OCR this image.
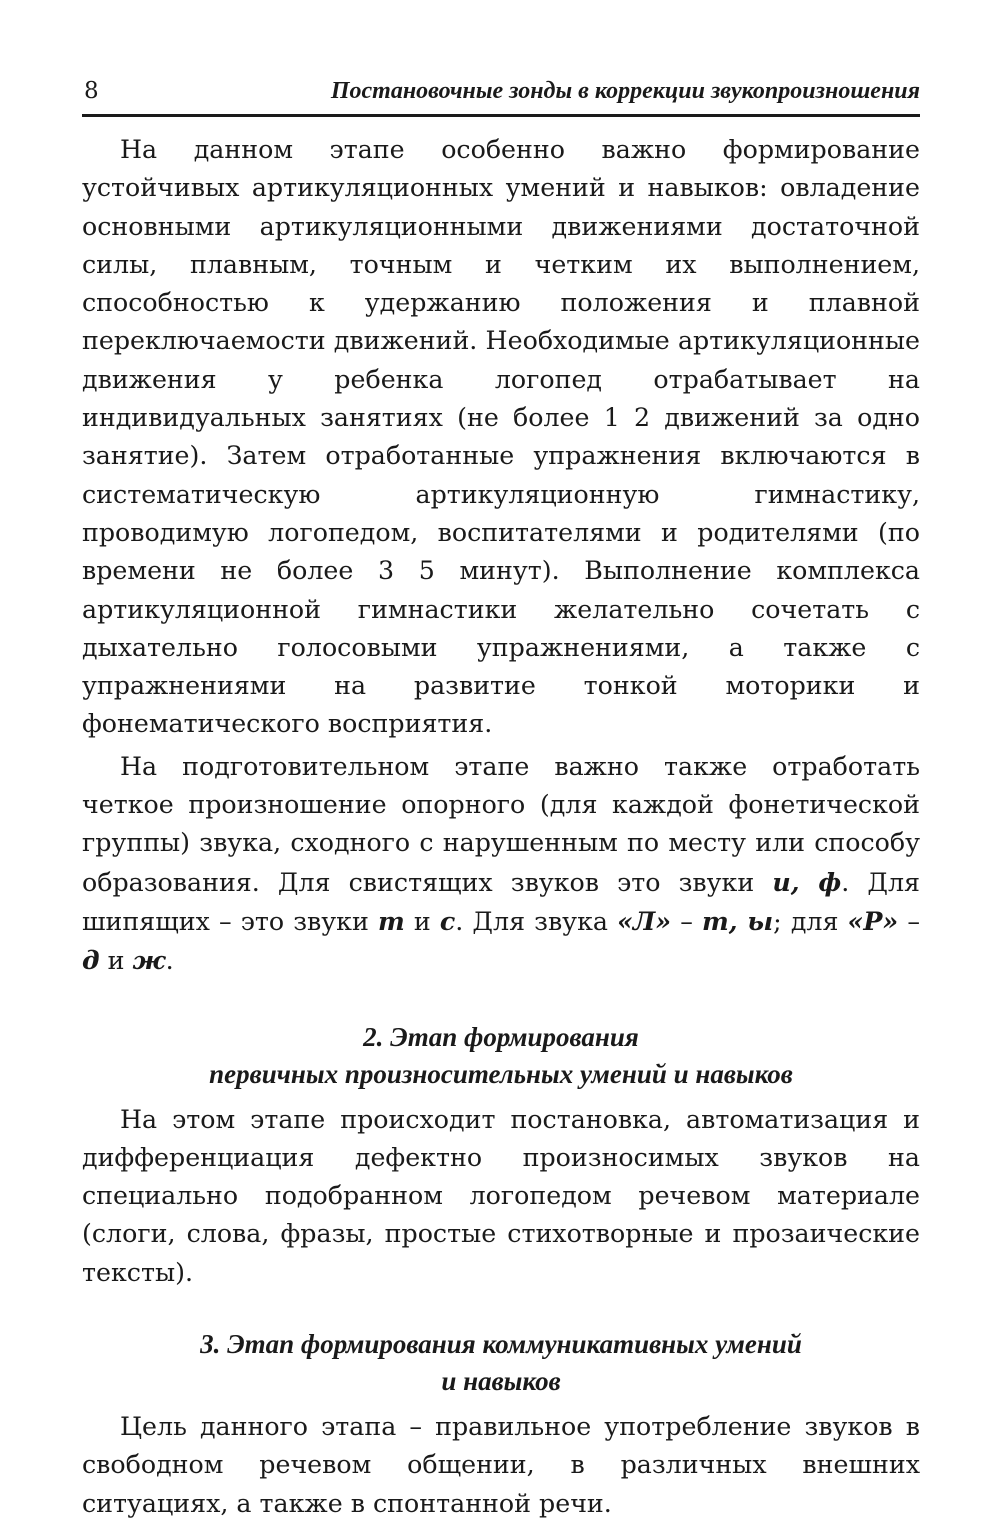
8	Постановочные зонды в коррекции звукопроизношения

На данном этапе особенно важно формирование устойчивых артикуляционных умений и навыков: овладение основными артикуляционными движениями достаточной силы, плавным, точным и четким их выполнением, способностью к удержанию положения и плавной переключаемости движений. Необходимые артикуляционные движения у ребенка логопед отрабатывает на индивидуальных занятиях (не более 1 2 движений за одно занятие). Затем отработанные упражнения включаются в систематическую артикуляционную гимнастику, проводимую логопедом, воспитателями и родителями (по времени не более 3 5 минут). Выполнение комплекса артикуляционной гимнастики желательно сочетать с дыхательно голосовыми упражнениями, а также с упражнениями на развитие тонкой моторики и фонематического восприятия.

На подготовительном этапе важно также отработать четкое произношение опорного (для каждой фонетической группы) звука, сходного с нарушенным по месту или способу образования. Для свистящих звуков это звуки и, ф. Для шипящих – это звуки т и с. Для звука «Л» – т, ы; для «Р» – д и ж.

2. Этап формирования
первичных произносительных умений и навыков

На этом этапе происходит постановка, автоматизация и дифференциация дефектно произносимых звуков на специально подобранном логопедом речевом материале (слоги, слова, фразы, простые стихотворные и прозаические тексты).

3. Этап формирования коммуникативных умений
и навыков

Цель данного этапа – правильное употребление звуков в свободном речевом общении, в различных внешних ситуациях, а также в спонтанной речи.
